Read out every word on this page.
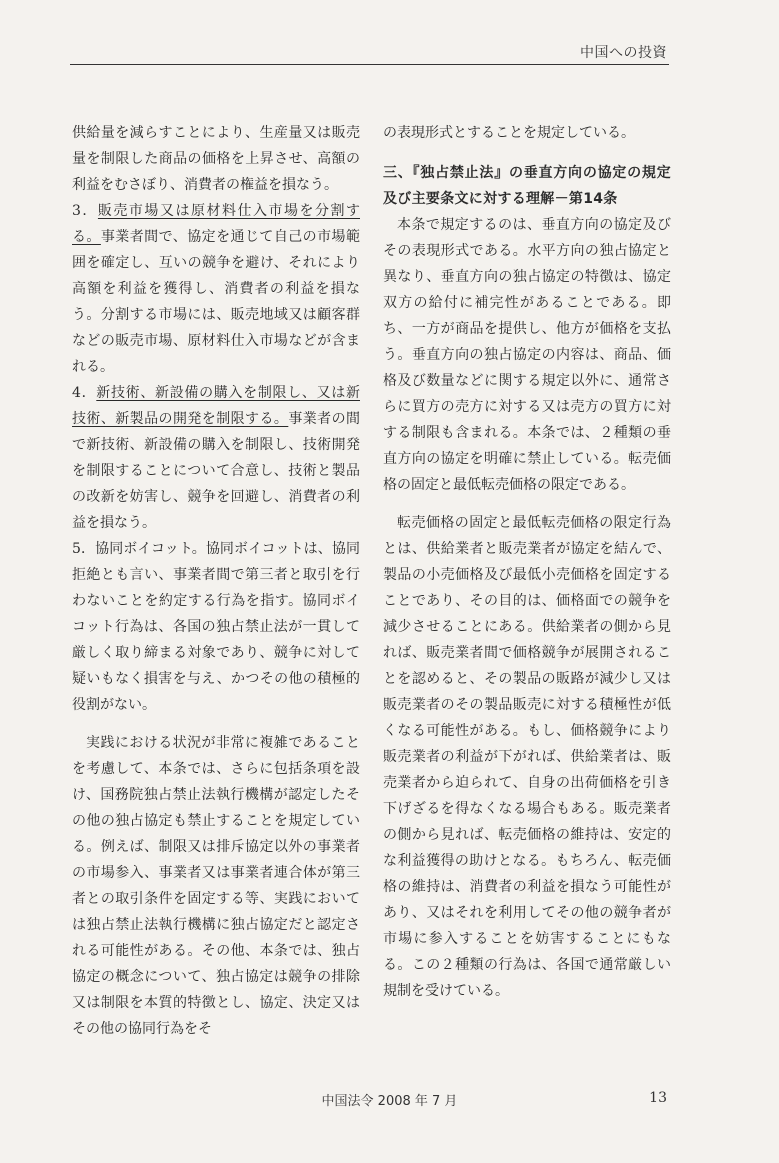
中国への投資

供給量を減らすことにより、生産量又は販売量を制限した商品の価格を上昇させ、高額の利益をむさぼり、消費者の権益を損なう。

3．販売市場又は原材料仕入市場を分割する。事業者間で、協定を通じて自己の市場範囲を確定し、互いの競争を避け、それにより高額を利益を獲得し、消費者の利益を損なう。分割する市場には、販売地域又は顧客群などの販売市場、原材料仕入市場などが含まれる。

4．新技術、新設備の購入を制限し、又は新技術、新製品の開発を制限する。事業者の間で新技術、新設備の購入を制限し、技術開発を制限することについて合意し、技術と製品の改新を妨害し、競争を回避し、消費者の利益を損なう。

5．協同ボイコット。協同ボイコットは、協同拒絶とも言い、事業者間で第三者と取引を行わないことを約定する行為を指す。協同ボイコット行為は、各国の独占禁止法が一貫して厳しく取り締まる対象であり、競争に対して疑いもなく損害を与え、かつその他の積極的役割がない。

実践における状況が非常に複雑であることを考慮して、本条では、さらに包括条項を設け、国務院独占禁止法執行機構が認定したその他の独占協定も禁止することを規定している。例えば、制限又は排斥協定以外の事業者の市場参入、事業者又は事業者連合体が第三者との取引条件を固定する等、実践においては独占禁止法執行機構に独占協定だと認定される可能性がある。その他、本条では、独占協定の概念について、独占協定は競争の排除又は制限を本質的特徴とし、協定、決定又はその他の協同行為をそ

の表現形式とすることを規定している。

三、『独占禁止法』の垂直方向の協定の規定及び主要条文に対する理解－第14条

本条で規定するのは、垂直方向の協定及びその表現形式である。水平方向の独占協定と異なり、垂直方向の独占協定の特徴は、協定双方の給付に補完性があることである。即ち、一方が商品を提供し、他方が価格を支払う。垂直方向の独占協定の内容は、商品、価格及び数量などに関する規定以外に、通常さらに買方の売方に対する又は売方の買方に対する制限も含まれる。本条では、２種類の垂直方向の協定を明確に禁止している。転売価格の固定と最低転売価格の限定である。

転売価格の固定と最低転売価格の限定行為とは、供給業者と販売業者が協定を結んで、製品の小売価格及び最低小売価格を固定することであり、その目的は、価格面での競争を減少させることにある。供給業者の側から見れば、販売業者間で価格競争が展開されることを認めると、その製品の販路が減少し又は販売業者のその製品販売に対する積極性が低くなる可能性がある。もし、価格競争により販売業者の利益が下がれば、供給業者は、販売業者から迫られて、自身の出荷価格を引き下げざるを得なくなる場合もある。販売業者の側から見れば、転売価格の維持は、安定的な利益獲得の助けとなる。もちろん、転売価格の維持は、消費者の利益を損なう可能性があり、又はそれを利用してその他の競争者が市場に参入することを妨害することにもなる。この２種類の行為は、各国で通常厳しい規制を受けている。

中国法令 2008 年 7 月	13
